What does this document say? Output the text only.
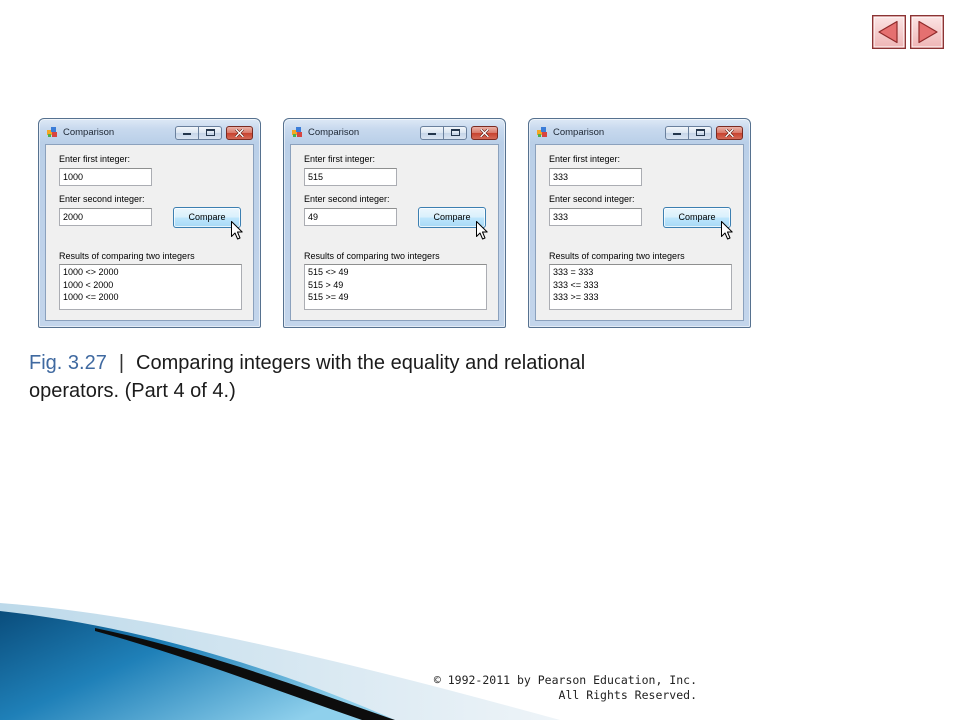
Comparison
Enter first integer:
1000
Enter second integer:
2000	Compare
Results of comparing two integers
1000 <> 2000
1000 < 2000
1000 <= 2000
Comparison
Enter first integer:
515
Enter second integer:
49	Compare
Results of comparing two integers
515 <> 49
515 > 49
515 >= 49
Comparison
Enter first integer:
333
Enter second integer:
333	Compare
Results of comparing two integers
333 = 333
333 <= 333
333 >= 333
Fig. 3.27 | Comparing integers with the equality and relational
operators. (Part 4 of 4.)
© 1992-2011 by Pearson Education, Inc.
All Rights Reserved.
